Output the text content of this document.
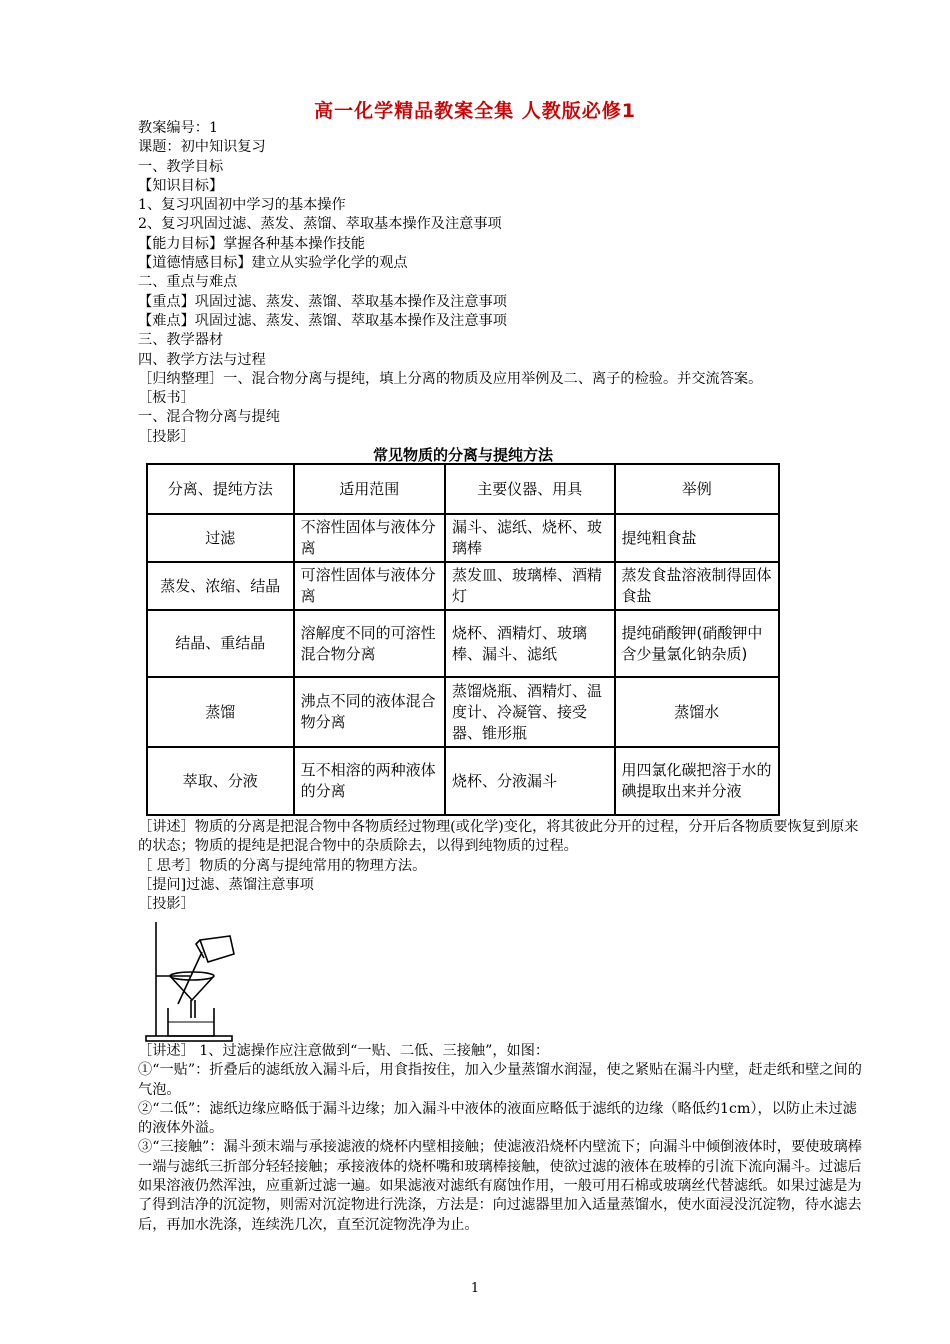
高一化学精品教案全集 人教版必修1
教案编号：1
课题：初中知识复习
一、教学目标
【知识目标】
1、复习巩固初中学习的基本操作
2、复习巩固过滤、蒸发、蒸馏、萃取基本操作及注意事项
【能力目标】掌握各种基本操作技能
【道德情感目标】建立从实验学化学的观点
二、重点与难点
【重点】巩固过滤、蒸发、蒸馏、萃取基本操作及注意事项
【难点】巩固过滤、蒸发、蒸馏、萃取基本操作及注意事项
三、教学器材
四、教学方法与过程
［归纳整理］一、混合物分离与提纯，填上分离的物质及应用举例及二、离子的检验。并交流答案。
［板书］
一、混合物分离与提纯
［投影］
常见物质的分离与提纯方法
分离、提纯方法	适用范围	主要仪器、用具	举例
过滤	不溶性固体与液体分离	漏斗、滤纸、烧杯、玻璃棒	提纯粗食盐
蒸发、浓缩、结晶	可溶性固体与液体分离	蒸发皿、玻璃棒、酒精灯	蒸发食盐溶液制得固体食盐
结晶、重结晶	溶解度不同的可溶性混合物分离	烧杯、酒精灯、玻璃棒、漏斗、滤纸	提纯硝酸钾(硝酸钾中含少量氯化钠杂质)
蒸馏	沸点不同的液体混合物分离	蒸馏烧瓶、酒精灯、温度计、冷凝管、接受器、锥形瓶	蒸馏水
萃取、分液	互不相溶的两种液体的分离	烧杯、分液漏斗	用四氯化碳把溶于水的碘提取出来并分液
［讲述］物质的分离是把混合物中各物质经过物理(或化学)变化，将其彼此分开的过程，分开后各物质要恢复到原来的状态；物质的提纯是把混合物中的杂质除去，以得到纯物质的过程。
［ 思考］物质的分离与提纯常用的物理方法。
［提问]过滤、蒸馏注意事项
［投影］
［讲述］ 1、过滤操作应注意做到“一贴、二低、三接触”，如图：
①“一贴”：折叠后的滤纸放入漏斗后，用食指按住，加入少量蒸馏水润湿，使之紧贴在漏斗内壁，赶走纸和壁之间的气泡。
②“二低”：滤纸边缘应略低于漏斗边缘；加入漏斗中液体的液面应略低于滤纸的边缘（略低约1cm），以防止未过滤的液体外溢。
③“三接触”：漏斗颈末端与承接滤液的烧杯内壁相接触；使滤液沿烧杯内壁流下；向漏斗中倾倒液体时，要使玻璃棒一端与滤纸三折部分轻轻接触；承接液体的烧杯嘴和玻璃棒接触，使欲过滤的液体在玻棒的引流下流向漏斗。过滤后如果溶液仍然浑浊，应重新过滤一遍。如果滤液对滤纸有腐蚀作用，一般可用石棉或玻璃丝代替滤纸。如果过滤是为了得到洁净的沉淀物，则需对沉淀物进行洗涤，方法是：向过滤器里加入适量蒸馏水，使水面浸没沉淀物，待水滤去后，再加水洗涤，连续洗几次，直至沉淀物洗净为止。
1
